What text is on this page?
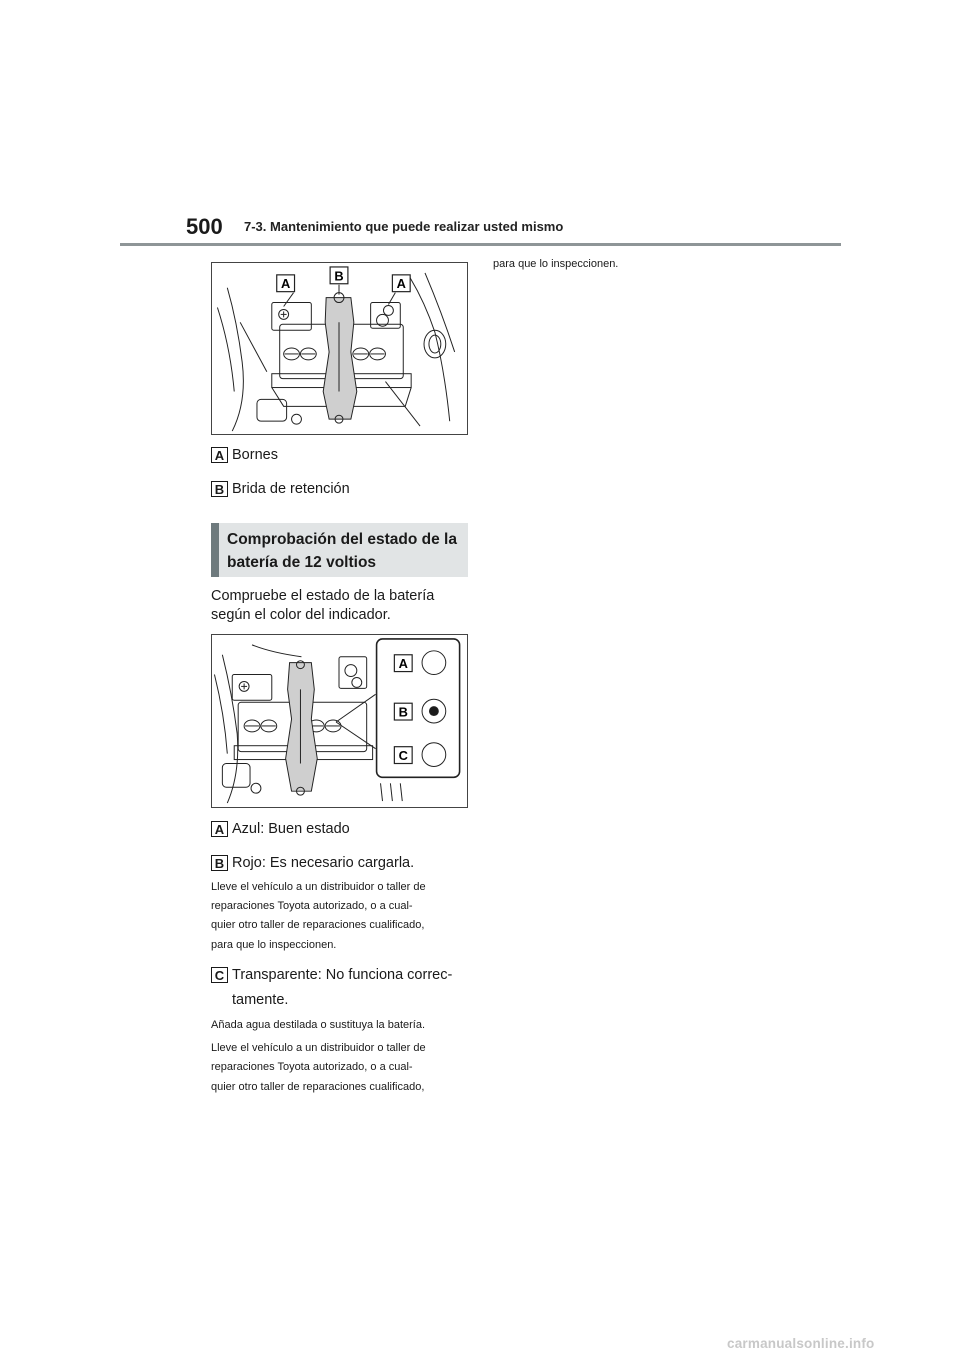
500 7-3. Mantenimiento que puede realizar usted mismo
A
B
A
A Bornes
B Brida de retención
Comprobación del estado de la
batería de 12 voltios
Compruebe el estado de la batería
según el color del indicador.
A
B
C
A Azul: Buen estado
B Rojo: Es necesario cargarla.
Lleve el vehículo a un distribuidor o taller de
reparaciones Toyota autorizado, o a cual-
quier otro taller de reparaciones cualificado,
para que lo inspeccionen.
C Transparente: No funciona correc-
tamente.
Añada agua destilada o sustituya la batería.
Lleve el vehículo a un distribuidor o taller de
reparaciones Toyota autorizado, o a cual-
quier otro taller de reparaciones cualificado,
para que lo inspeccionen.
carmanualsonline.info
